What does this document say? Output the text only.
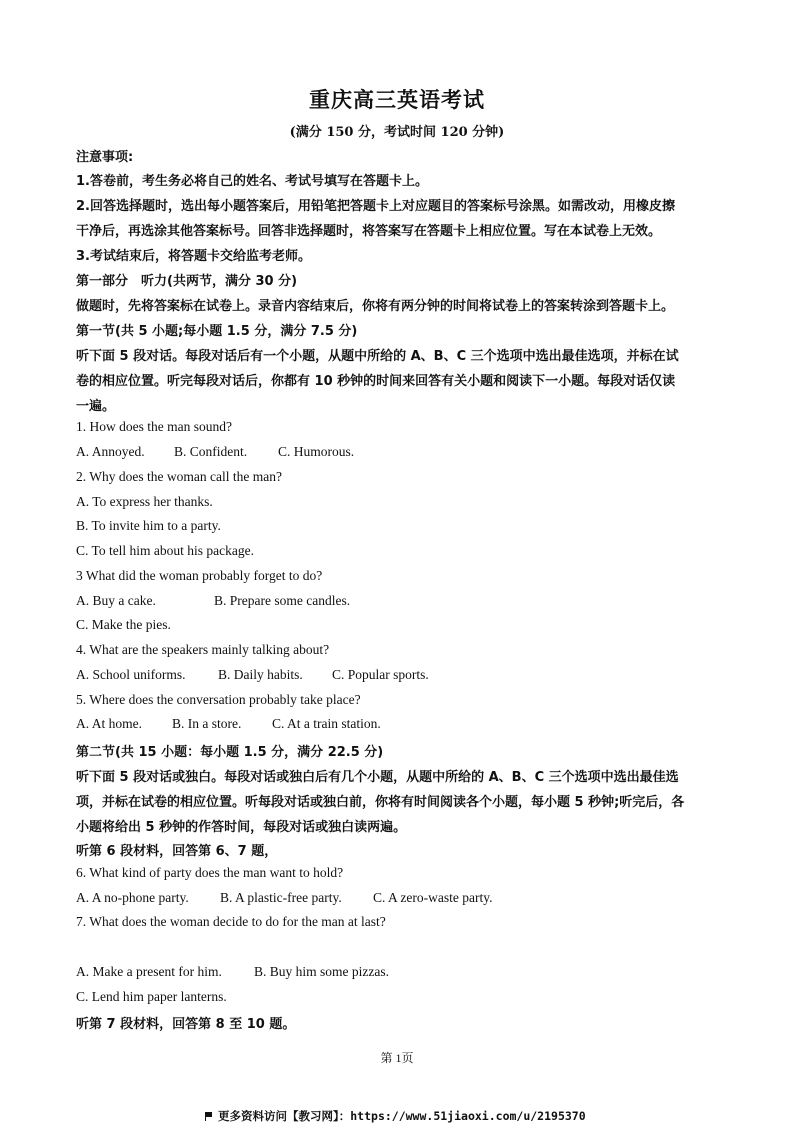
重庆高三英语考试
(满分 150 分，考试时间 120 分钟)
注意事项:
1.答卷前，考生务必将自己的姓名、考试号填写在答题卡上。
2.回答选择题时，选出每小题答案后，用铅笔把答题卡上对应题目的答案标号涂黑。如需改动，用橡皮擦
干净后，再选涂其他答案标号。回答非选择题时，将答案写在答题卡上相应位置。写在本试卷上无效。
3.考试结束后，将答题卡交给监考老师。
第一部分　听力(共两节，满分 30 分)
做题时，先将答案标在试卷上。录音内容结束后，你将有两分钟的时间将试卷上的答案转涂到答题卡上。
第一节(共 5 小题;每小题 1.5 分，满分 7.5 分)
听下面 5 段对话。每段对话后有一个小题，从题中所给的 A、B、C 三个选项中选出最佳选项，并标在试
卷的相应位置。听完每段对话后，你都有 10 秒钟的时间来回答有关小题和阅读下一小题。每段对话仅读
一遍。
1. How does the man sound?
A. Annoyed. B. Confident. C. Humorous.
2. Why does the woman call the man?
A. To express her thanks.
B. To invite him to a party.
C. To tell him about his package.
3 What did the woman probably forget to do?
A. Buy a cake.	B. Prepare some candles.
C. Make the pies.
4. What are the speakers mainly talking about?
A. School uniforms. B. Daily habits. C. Popular sports.
5. Where does the conversation probably take place?
A. At home. B. In a store. C. At a train station.
第二节(共 15 小题：每小题 1.5 分，满分 22.5 分)
听下面 5 段对话或独白。每段对话或独白后有几个小题，从题中所给的 A、B、C 三个选项中选出最佳选
项，并标在试卷的相应位置。听每段对话或独白前，你将有时间阅读各个小题，每小题 5 秒钟;听完后，各
小题将给出 5 秒钟的作答时间，每段对话或独白读两遍。
听第 6 段材料，回答第 6、7 题，
6. What kind of party does the man want to hold?
A. A no-phone party. B. A plastic-free party. C. A zero-waste party.
7. What does the woman decide to do for the man at last?
A. Make a present for him. B. Buy him some pizzas.
C. Lend him paper lanterns.
听第 7 段材料，回答第 8 至 10 题。
第 1页
更多资料访问【教习网】：https://www.51jiaoxi.com/u/2195370
